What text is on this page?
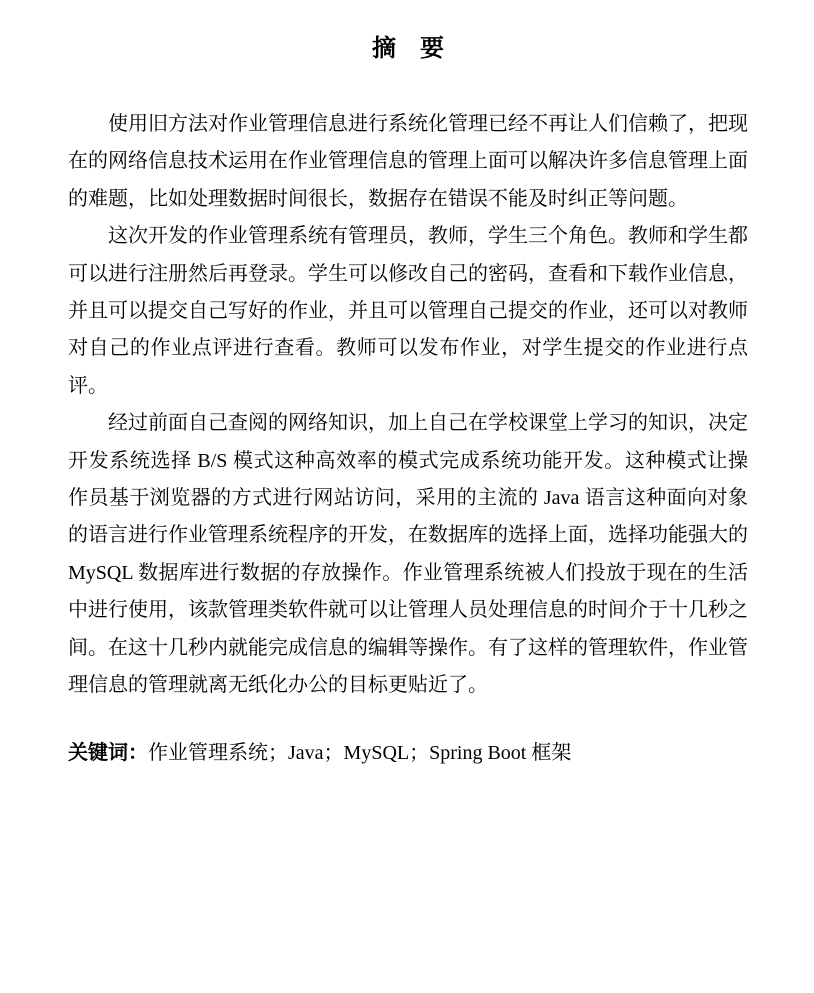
摘　要

使用旧方法对作业管理信息进行系统化管理已经不再让人们信赖了，把现在的网络信息技术运用在作业管理信息的管理上面可以解决许多信息管理上面的难题，比如处理数据时间很长，数据存在错误不能及时纠正等问题。

这次开发的作业管理系统有管理员，教师，学生三个角色。教师和学生都可以进行注册然后再登录。学生可以修改自己的密码，查看和下载作业信息，并且可以提交自己写好的作业，并且可以管理自己提交的作业，还可以对教师对自己的作业点评进行查看。教师可以发布作业，对学生提交的作业进行点评。

经过前面自己查阅的网络知识，加上自己在学校课堂上学习的知识，决定开发系统选择 B/S 模式这种高效率的模式完成系统功能开发。这种模式让操作员基于浏览器的方式进行网站访问，采用的主流的 Java 语言这种面向对象的语言进行作业管理系统程序的开发，在数据库的选择上面，选择功能强大的 MySQL 数据库进行数据的存放操作。作业管理系统被人们投放于现在的生活中进行使用，该款管理类软件就可以让管理人员处理信息的时间介于十几秒之间。在这十几秒内就能完成信息的编辑等操作。有了这样的管理软件，作业管理信息的管理就离无纸化办公的目标更贴近了。

关键词：作业管理系统；Java；MySQL；Spring Boot 框架
